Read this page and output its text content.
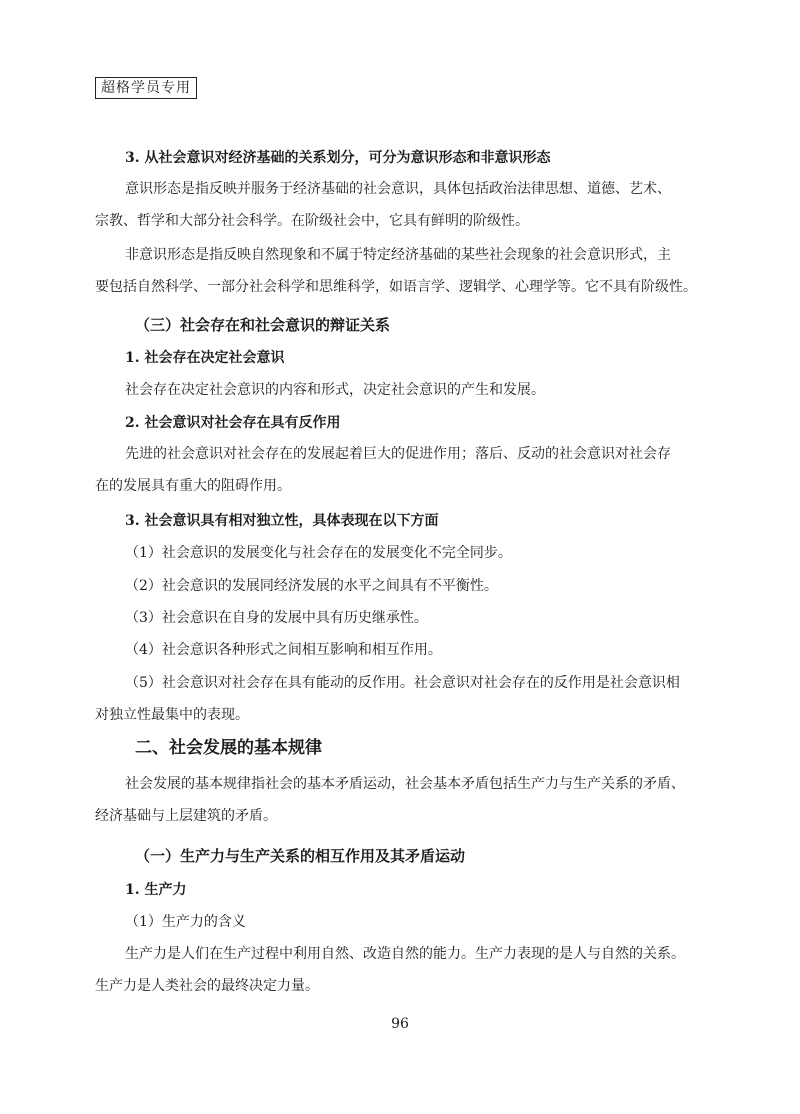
超格学员专用
3. 从社会意识对经济基础的关系划分，可分为意识形态和非意识形态
意识形态是指反映并服务于经济基础的社会意识，具体包括政治法律思想、道德、艺术、
宗教、哲学和大部分社会科学。在阶级社会中，它具有鲜明的阶级性。
非意识形态是指反映自然现象和不属于特定经济基础的某些社会现象的社会意识形式，主
要包括自然科学、一部分社会科学和思维科学，如语言学、逻辑学、心理学等。它不具有阶级性。
（三）社会存在和社会意识的辩证关系
1. 社会存在决定社会意识
社会存在决定社会意识的内容和形式，决定社会意识的产生和发展。
2. 社会意识对社会存在具有反作用
先进的社会意识对社会存在的发展起着巨大的促进作用；落后、反动的社会意识对社会存
在的发展具有重大的阻碍作用。
3. 社会意识具有相对独立性，具体表现在以下方面
（1）社会意识的发展变化与社会存在的发展变化不完全同步。
（2）社会意识的发展同经济发展的水平之间具有不平衡性。
（3）社会意识在自身的发展中具有历史继承性。
（4）社会意识各种形式之间相互影响和相互作用。
（5）社会意识对社会存在具有能动的反作用。社会意识对社会存在的反作用是社会意识相
对独立性最集中的表现。
二、社会发展的基本规律
社会发展的基本规律指社会的基本矛盾运动，社会基本矛盾包括生产力与生产关系的矛盾、
经济基础与上层建筑的矛盾。
（一）生产力与生产关系的相互作用及其矛盾运动
1. 生产力
（1）生产力的含义
生产力是人们在生产过程中利用自然、改造自然的能力。生产力表现的是人与自然的关系。
生产力是人类社会的最终决定力量。
96
